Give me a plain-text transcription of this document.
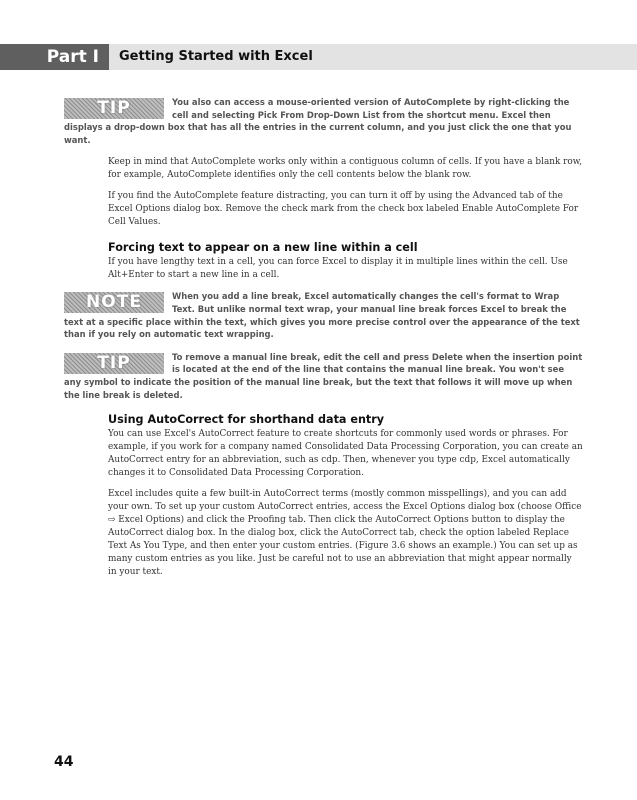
Part I	Getting Started with Excel
TIP	You also can access a mouse-oriented version of AutoComplete by right-clicking the cell and selecting Pick From Drop-Down List from the shortcut menu. Excel then displays a drop-down box that has all the entries in the current column, and you just click the one that you want.

Keep in mind that AutoComplete works only within a contiguous column of cells. If you have a blank row, for example, AutoComplete identifies only the cell contents below the blank row.

If you find the AutoComplete feature distracting, you can turn it off by using the Advanced tab of the Excel Options dialog box. Remove the check mark from the check box labeled Enable AutoComplete For Cell Values.

Forcing text to appear on a new line within a cell

If you have lengthy text in a cell, you can force Excel to display it in multiple lines within the cell. Use Alt+Enter to start a new line in a cell.

NOTE	When you add a line break, Excel automatically changes the cell's format to Wrap Text. But unlike normal text wrap, your manual line break forces Excel to break the text at a specific place within the text, which gives you more precise control over the appearance of the text than if you rely on automatic text wrapping.
TIP	To remove a manual line break, edit the cell and press Delete when the insertion point is located at the end of the line that contains the manual line break. You won't see any symbol to indicate the position of the manual line break, but the text that follows it will move up when the line break is deleted.
Using AutoCorrect for shorthand data entry

You can use Excel's AutoCorrect feature to create shortcuts for commonly used words or phrases. For example, if you work for a company named Consolidated Data Processing Corporation, you can create an AutoCorrect entry for an abbreviation, such as cdp. Then, whenever you type cdp, Excel automatically changes it to Consolidated Data Processing Corporation.

Excel includes quite a few built-in AutoCorrect terms (mostly common misspellings), and you can add your own. To set up your custom AutoCorrect entries, access the Excel Options dialog box (choose Office ⇨ Excel Options) and click the Proofing tab. Then click the AutoCorrect Options button to display the AutoCorrect dialog box. In the dialog box, click the AutoCorrect tab, check the option labeled Replace Text As You Type, and then enter your custom entries. (Figure 3.6 shows an example.) You can set up as many custom entries as you like. Just be careful not to use an abbreviation that might appear normally in your text.

44
